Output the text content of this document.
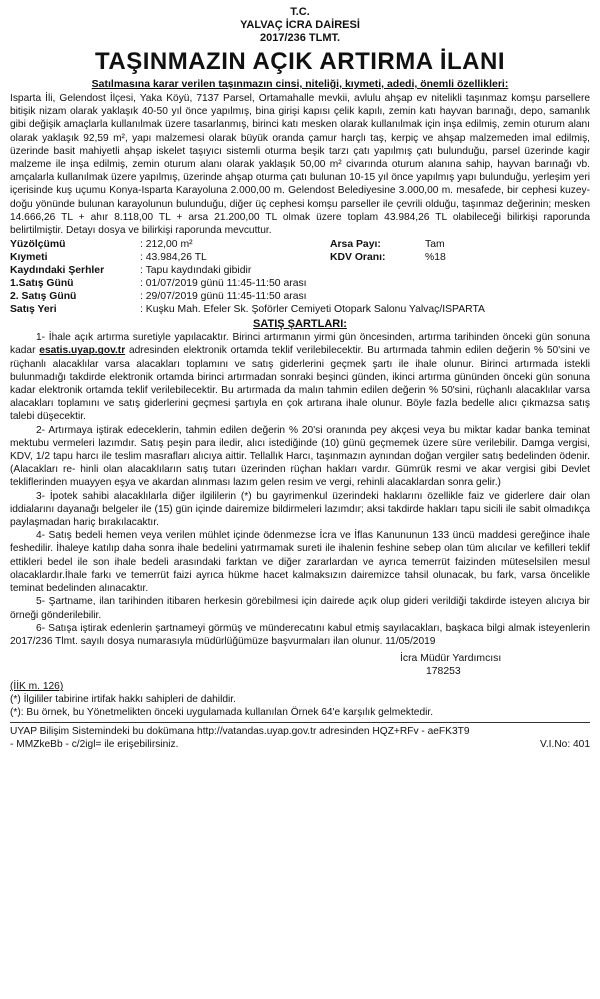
T.C.
YALVAÇ İCRA DAİRESİ
2017/236 TLMT.
TAŞINMAZIN AÇIK ARTIRMA İLANI
Satılmasına karar verilen taşınmazın cinsi, niteliği, kıymeti, adedi, önemli özellikleri:

Isparta İli, Gelendost İlçesi, Yaka Köyü, 7137 Parsel, Ortamahalle mevkii, avlulu ahşap ev nitelikli taşınmaz komşu parsellere bitişik nizam olarak yaklaşık 40-50 yıl önce yapılmış, bina girişi kapısı çelik kapılı, zemin katı hayvan barınağı, depo, samanlık gibi değişik amaçlarla kullanılmak üzere tasarlanmış, birinci katı mesken olarak kullanılmak için inşa edilmiş, zemin oturum alanı olarak yaklaşık 92,59 m², yapı malzemesi olarak büyük oranda çamur harçlı taş, kerpiç ve ahşap malzemeden imal edilmiş, üzerinde basit mahiyetli ahşap iskelet taşıyıcı sistemli oturma beşik tarzı çatı yapılmış çatı bulunduğu, parsel üzerinde kagir malzeme ile inşa edilmiş, zemin oturum alanı olarak yaklaşık 50,00 m² civarında oturum alanına sahip, hayvan barınağı vb. amçalarla kullanılmak üzere yapılmış, üzerinde ahşap oturma çatı bulunan 10-15 yıl önce yapılmış yapı bulunduğu, yerleşim yeri içerisinde kuş uçumu Konya-Isparta Karayoluna 2.000,00 m. Gelendost Belediyesine 3.000,00 m. mesafede, bir cephesi kuzey-doğu yönünde bulunan karayolunun bulunduğu, diğer üç cephesi komşu parseller ile çevrili olduğu, taşınmaz değerinin; mesken 14.666,26 TL + ahır 8.118,00 TL + arsa 21.200,00 TL olmak üzere toplam 43.984,26 TL olabileceği bilirkişi raporunda belirtilmiştir. Detayı dosya ve bilirkişi raporunda mevcuttur.

Yüzölçümü	: 212,00 m²	Arsa Payı:	Tam
Kıymeti	: 43.984,26 TL	KDV Oranı:	%18
Kaydındaki Şerhler	: Tapu kaydındaki gibidir
1.Satış Günü	: 01/07/2019 günü 11:45-11:50 arası
2. Satış Günü	: 29/07/2019 günü 11:45-11:50 arası
Satış Yeri	: Kuşku Mah. Efeler Sk. Şoförler Cemiyeti Otopark Salonu Yalvaç/ISPARTA
SATIŞ ŞARTLARI:

1- İhale açık artırma suretiyle yapılacaktır. Birinci artırmanın yirmi gün öncesinden, artırma tarihinden önceki gün sonuna kadar esatis.uyap.gov.tr adresinden elektronik ortamda teklif verilebilecektir. Bu artırmada tahmin edilen değerin % 50'sini ve rüçhanlı alacaklılar varsa alacakları toplamını ve satış giderlerini geçmek şartı ile ihale olunur. Birinci artırmada istekli bulunmadığı takdirde elektronik ortamda birinci artırmadan sonraki beşinci günden, ikinci artırma gününden önceki gün sonuna kadar elektronik ortamda teklif verilebilecektir. Bu artırmada da malın tahmin edilen değerin % 50'sini, rüçhanlı alacaklılar varsa alacakları toplamını ve satış giderlerini geçmesi şartıyla en çok artırana ihale olunur. Böyle fazla bedelle alıcı çıkmazsa satış talebi düşecektir.

2- Artırmaya iştirak edeceklerin, tahmin edilen değerin % 20'si oranında pey akçesi veya bu miktar kadar banka teminat mektubu vermeleri lazımdır. Satış peşin para iledir, alıcı istediğinde (10) günü geçmemek üzere süre verilebilir. Damga vergisi, KDV, 1/2 tapu harcı ile teslim masrafları alıcıya aittir. Tellallık Harcı, taşınmazın aynından doğan vergiler satış bedelinden ödenir. (Alacakları re- hinli olan alacaklıların satış tutarı üzerinden rüçhan hakları vardır. Gümrük resmi ve akar vergisi gibi Devlet tekliflerinden muayyen eşya ve akardan alınması lazım gelen resim ve vergi, rehinli alacaklardan sonra gelir.)

3- İpotek sahibi alacaklılarla diğer ilgililerin (*) bu gayrimenkul üzerindeki haklarını özellikle faiz ve giderlere dair olan iddialarını dayanağı belgeler ile (15) gün içinde dairemize bildirmeleri lazımdır; aksi takdirde hakları tapu sicili ile sabit olmadıkça paylaşmadan hariç bırakılacaktır.

4- Satış bedeli hemen veya verilen mühlet içinde ödenmezse İcra ve İflas Kanununun 133 üncü maddesi gereğince ihale feshedilir. İhaleye katılıp daha sonra ihale bedelini yatırmamak sureti ile ihalenin feshine sebep olan tüm alıcılar ve kefilleri teklif ettikleri bedel ile son ihale bedeli arasındaki farktan ve diğer zararlardan ve ayrıca temerrüt faizinden müteselsilen mesul olacaklardır.İhale farkı ve temerrüt faizi ayrıca hükme hacet kalmaksızın dairemizce tahsil olunacak, bu fark, varsa öncelikle teminat bedelinden alınacaktır.

5- Şartname, ilan tarihinden itibaren herkesin görebilmesi için dairede açık olup gideri verildiği takdirde isteyen alıcıya bir örneği gönderilebilir.

6- Satışa iştirak edenlerin şartnameyi görmüş ve münderecatını kabul etmiş sayılacakları, başkaca bilgi almak isteyenlerin 2017/236 Tlmt. sayılı dosya numarasıyla müdürlüğümüze başvurmaları ilan olunur. 11/05/2019

İcra Müdür Yardımcısı
178253
(İİK m. 126)
(*) İlgililer tabirine irtifak hakkı sahipleri de dahildir.
(*): Bu örnek, bu Yönetmelikten önceki uygulamada kullanılan Örnek 64'e karşılık gelmektedir.
UYAP Bilişim Sistemindeki bu dokümana http://vatandas.uyap.gov.tr adresinden HQZ+RFv - aeFK3T9
- MMZkeBb - c/2igl= ile erişebilirsiniz.	V.I.No: 401
